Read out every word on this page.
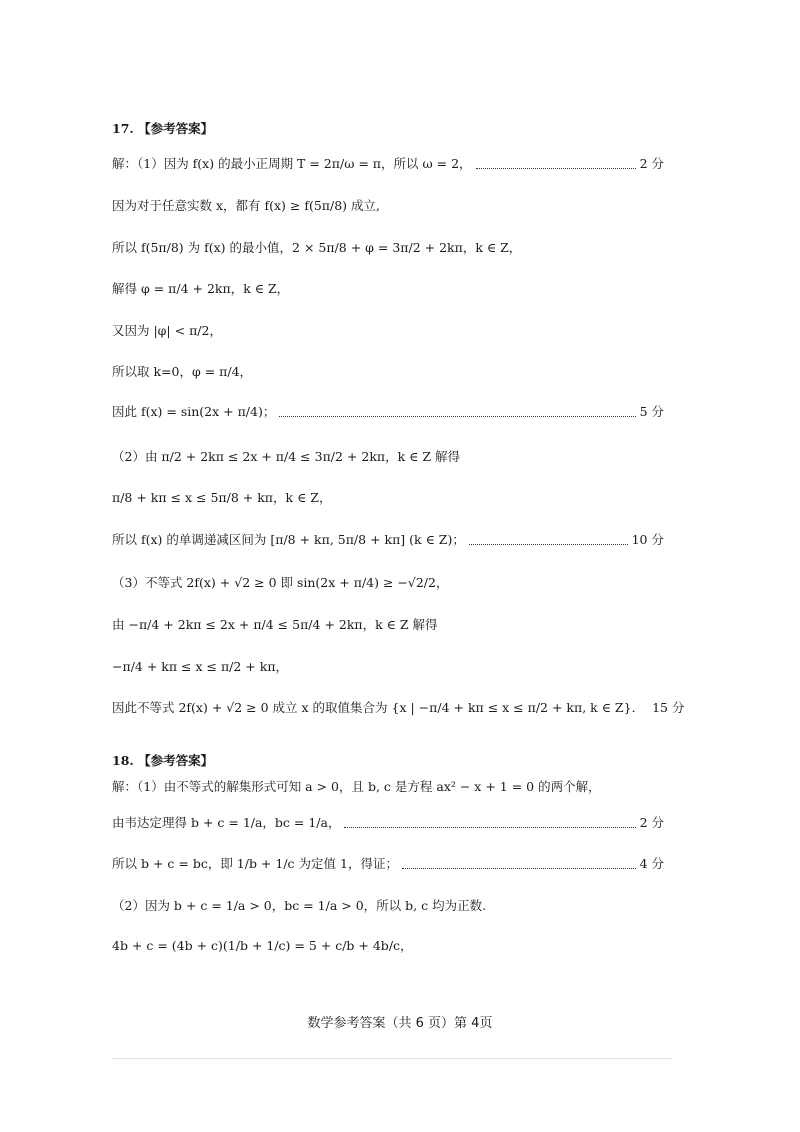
17. 【参考答案】
解：（1）因为 f(x) 的最小正周期 T = 2π/ω = π，所以 ω = 2，	2 分
因为对于任意实数 x，都有 f(x) ≥ f(5π/8) 成立,
所以 f(5π/8) 为 f(x) 的最小值，2 × 5π/8 + φ = 3π/2 + 2kπ，k ∈ Z，
解得 φ = π/4 + 2kπ，k ∈ Z，
又因为 |φ| < π/2，
所以取 k=0，φ = π/4，
因此 f(x) = sin(2x + π/4)；	5 分
（2）由 π/2 + 2kπ ≤ 2x + π/4 ≤ 3π/2 + 2kπ，k ∈ Z 解得
π/8 + kπ ≤ x ≤ 5π/8 + kπ，k ∈ Z，
所以 f(x) 的单调递减区间为 [π/8 + kπ, 5π/8 + kπ] (k ∈ Z)；	10 分
（3）不等式 2f(x) + √2 ≥ 0 即 sin(2x + π/4) ≥ −√2/2，
由 −π/4 + 2kπ ≤ 2x + π/4 ≤ 5π/4 + 2kπ，k ∈ Z 解得
−π/4 + kπ ≤ x ≤ π/2 + kπ，
因此不等式 2f(x) + √2 ≥ 0 成立 x 的取值集合为 {x | −π/4 + kπ ≤ x ≤ π/2 + kπ, k ∈ Z}． 15 分
18. 【参考答案】
解：（1）由不等式的解集形式可知 a > 0，且 b, c 是方程 ax² − x + 1 = 0 的两个解，
由韦达定理得 b + c = 1/a，bc = 1/a，	2 分
所以 b + c = bc，即 1/b + 1/c 为定值 1，得证；	4 分
（2）因为 b + c = 1/a > 0，bc = 1/a > 0，所以 b, c 均为正数.
4b + c = (4b + c)(1/b + 1/c) = 5 + c/b + 4b/c，
数学参考答案（共 6 页）第 4页
